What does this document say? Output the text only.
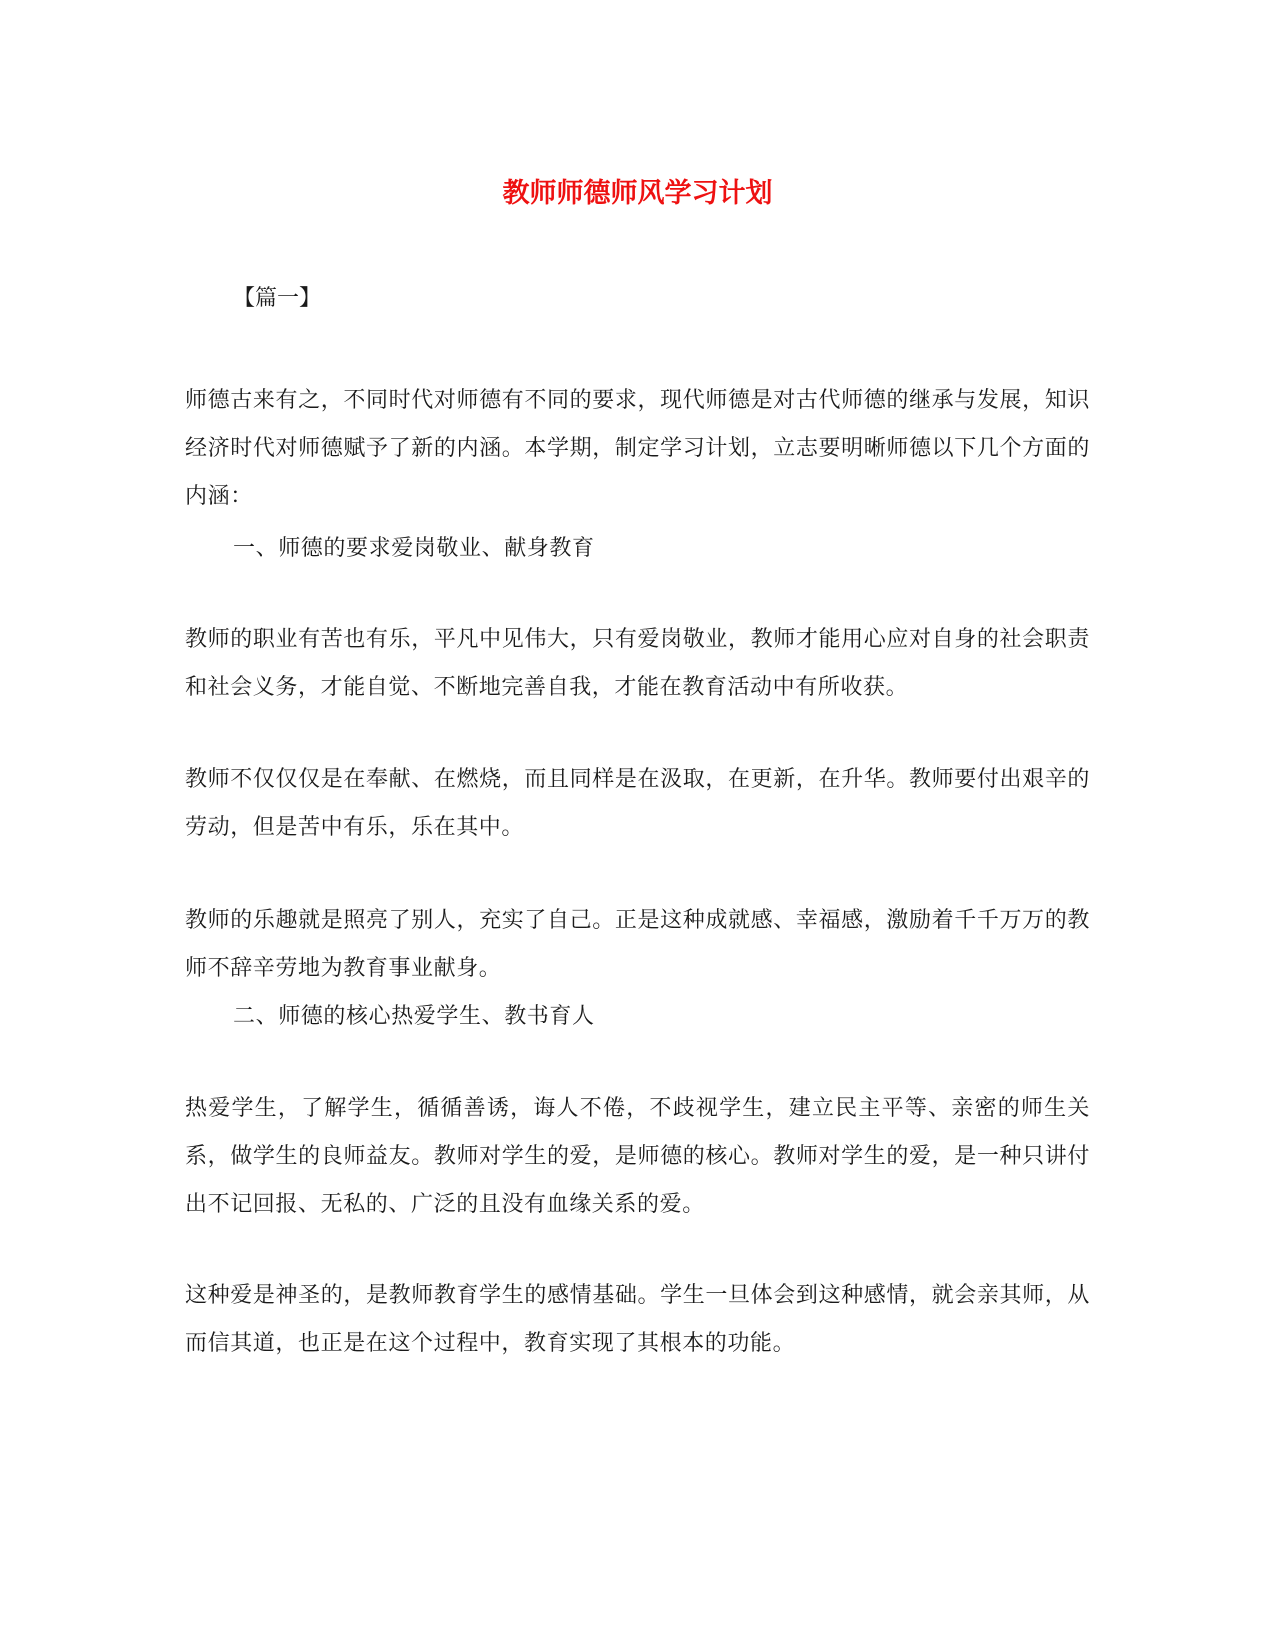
教师师德师风学习计划
【篇一】

师德古来有之，不同时代对师德有不同的要求，现代师德是对古代师德的继承与发展，知识经济时代对师德赋予了新的内涵。本学期，制定学习计划，立志要明晰师德以下几个方面的内涵：

一、师德的要求爱岗敬业、献身教育

教师的职业有苦也有乐，平凡中见伟大，只有爱岗敬业，教师才能用心应对自身的社会职责和社会义务，才能自觉、不断地完善自我，才能在教育活动中有所收获。

教师不仅仅仅是在奉献、在燃烧，而且同样是在汲取，在更新，在升华。教师要付出艰辛的劳动，但是苦中有乐，乐在其中。

教师的乐趣就是照亮了别人，充实了自己。正是这种成就感、幸福感，激励着千千万万的教师不辞辛劳地为教育事业献身。

二、师德的核心热爱学生、教书育人

热爱学生，了解学生，循循善诱，诲人不倦，不歧视学生，建立民主平等、亲密的师生关系，做学生的良师益友。教师对学生的爱，是师德的核心。教师对学生的爱，是一种只讲付出不记回报、无私的、广泛的且没有血缘关系的爱。

这种爱是神圣的，是教师教育学生的感情基础。学生一旦体会到这种感情，就会亲其师，从而信其道，也正是在这个过程中，教育实现了其根本的功能。
